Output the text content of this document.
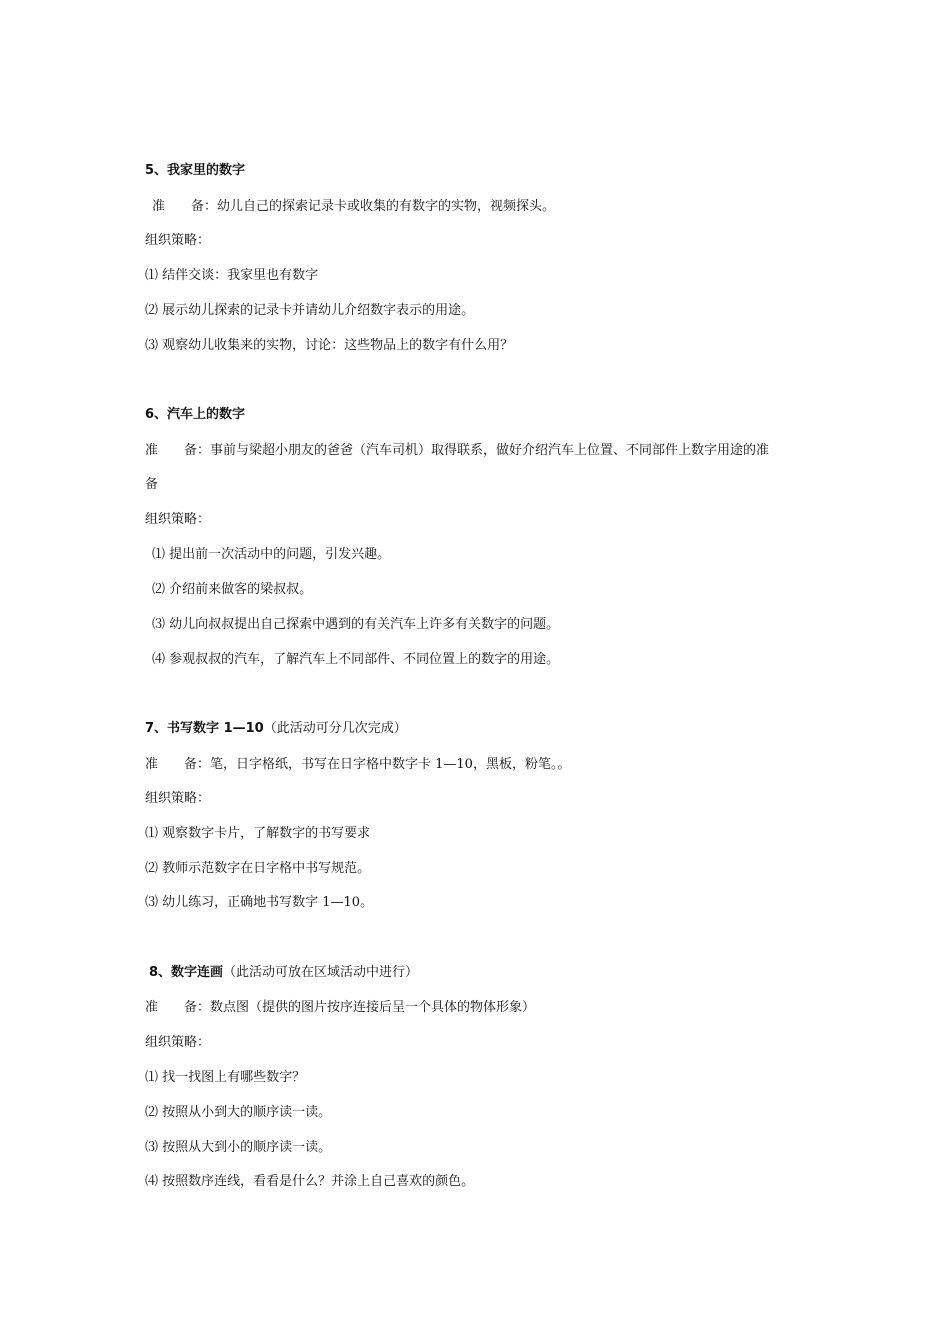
5、我家里的数字
准　　备：幼儿自己的探索记录卡或收集的有数字的实物，视频探头。
组织策略：
⑴ 结伴交谈：我家里也有数字
⑵ 展示幼儿探索的记录卡并请幼儿介绍数字表示的用途。
⑶ 观察幼儿收集来的实物，讨论：这些物品上的数字有什么用？
6、汽车上的数字
准　　备：事前与梁超小朋友的爸爸（汽车司机）取得联系，做好介绍汽车上位置、不同部件上数字用途的准
备
组织策略：
⑴ 提出前一次活动中的问题，引发兴趣。
⑵ 介绍前来做客的梁叔叔。
⑶ 幼儿向叔叔提出自己探索中遇到的有关汽车上许多有关数字的问题。
⑷ 参观叔叔的汽车，了解汽车上不同部件、不同位置上的数字的用途。
7、书写数字 1—10（此活动可分几次完成）
准　　备：笔，日字格纸，书写在日字格中数字卡 1—10，黑板，粉笔。。
组织策略：
⑴ 观察数字卡片，了解数字的书写要求
⑵ 教师示范数字在日字格中书写规范。
⑶ 幼儿练习，正确地书写数字 1—10。
8、数字连画（此活动可放在区域活动中进行）
准　　备：数点图（提供的图片按序连接后呈一个具体的物体形象）
组织策略：
⑴ 找一找图上有哪些数字？
⑵ 按照从小到大的顺序读一读。
⑶ 按照从大到小的顺序读一读。
⑷ 按照数序连线，看看是什么？并涂上自己喜欢的颜色。
